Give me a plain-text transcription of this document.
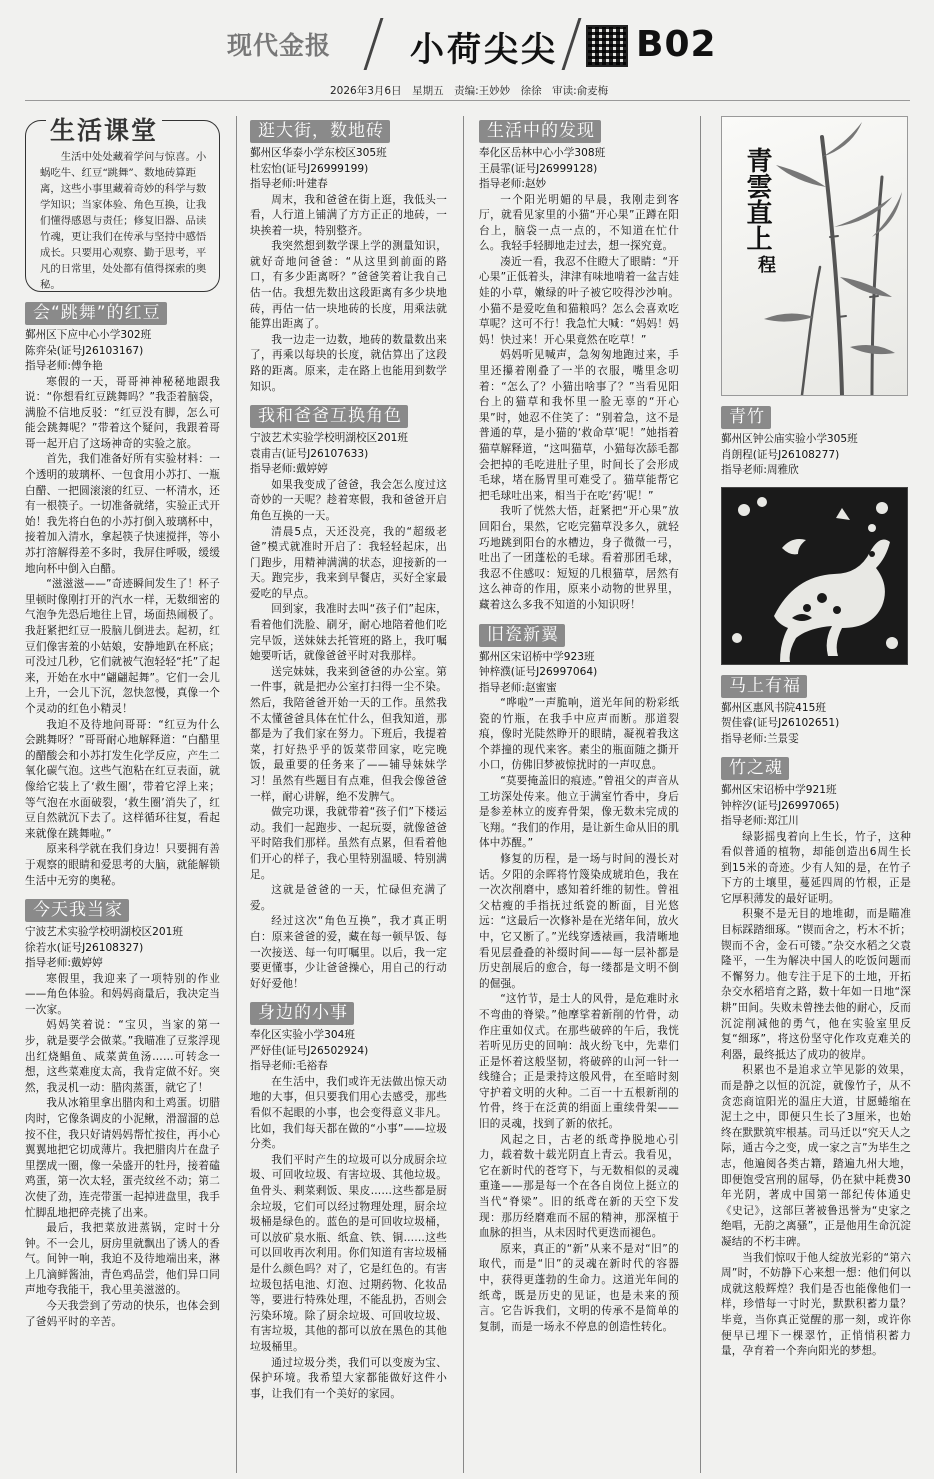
现代金报 小荷尖尖 B02
2026年3月6日　星期五　责编:王妙妙　徐徐　审读:俞麦梅
生活课堂

生活中处处藏着学问与惊喜。小蜗吃牛、红豆“跳舞”、数地砖算距离，这些小事里藏着奇妙的科学与数学知识；当家体验、角色互换，让我们懂得感恩与责任；修复旧器、品读竹魂，更让我们在传承与坚持中感悟成长。只要用心观察、勤于思考，平凡的日常里，处处都有值得探索的奥秘。

会“跳舞”的红豆
鄞州区下应中心小学302班
陈弈朵(证号J26103167)
指导老师:傅争艳

寒假的一天，哥哥神神秘秘地跟我说：“你想看红豆跳舞吗？”我歪着脑袋，满脸不信地反驳：“红豆没有脚，怎么可能会跳舞呢？”带着这个疑问，我跟着哥哥一起开启了这场神奇的实验之旅。

首先，我们准备好所有实验材料：一个透明的玻璃杯、一包食用小苏打、一瓶白醋、一把圆滚滚的红豆、一杯清水，还有一根筷子。一切准备就绪，实验正式开始！我先将白色的小苏打倒入玻璃杯中，接着加入清水，拿起筷子快速搅拌，等小苏打溶解得差不多时，我屏住呼吸，缓缓地向杯中倒入白醋。

“滋滋滋——”奇迹瞬间发生了！杯子里顿时像刚打开的汽水一样，无数细密的气泡争先恐后地往上冒，场面热闹极了。我赶紧把红豆一股脑儿倒进去。起初，红豆们像害羞的小姑娘，安静地趴在杯底；可没过几秒，它们就被气泡轻轻“托”了起来，开始在水中“翩翩起舞”。它们一会儿上升，一会儿下沉，忽快忽慢，真像一个个灵动的红色小精灵！

我迫不及待地问哥哥：“红豆为什么会跳舞呀？”哥哥耐心地解释道：“白醋里的醋酸会和小苏打发生化学反应，产生二氧化碳气泡。这些气泡粘在红豆表面，就像给它装上了‘救生圈’，带着它浮上来；等气泡在水面破裂，‘救生圈’消失了，红豆自然就沉下去了。这样循环往复，看起来就像在跳舞啦。”

原来科学就在我们身边！只要拥有善于观察的眼睛和爱思考的大脑，就能解锁生活中无穷的奥秘。

今天我当家
宁波艺术实验学校明湖校区201班
徐若水(证号J26108327)
指导老师:戴婷婷

寒假里，我迎来了一项特别的作业——角色体验。和妈妈商量后，我决定当一次家。

妈妈笑着说：“宝贝，当家的第一步，就是要学会做菜。”我瞄准了豆浆浮现出红烧鲳鱼、咸菜黄鱼汤……可转念一想，这些菜难度太高，我肯定做不好。突然，我灵机一动：腊肉蒸蛋，就它了！

我从冰箱里拿出腊肉和土鸡蛋。切腊肉时，它像条调皮的小泥鳅，滑溜溜的总按不住，我只好请妈妈帮忙按住，再小心翼翼地把它切成薄片。我把腊肉片在盘子里摆成一圈，像一朵盛开的牡丹，接着磕鸡蛋，第一次太轻，蛋壳纹丝不动；第二次使了劲，连壳带蛋一起掉进盘里，我手忙脚乱地把碎壳挑了出来。

最后，我把菜放进蒸锅，定时十分钟。不一会儿，厨房里就飘出了诱人的香气。间钟一响，我迫不及待地端出来，淋上几滴鲜酱油，青色鸡品尝，他们异口同声地夸我能干，我心里美滋滋的。

今天我尝到了劳动的快乐，也体会到了爸妈平时的辛苦。

逛大街，数地砖
鄞州区华泰小学东校区305班
杜宏怡(证号J26999199)
指导老师:叶建春

周末，我和爸爸在街上逛，我低头一看，人行道上铺满了方方正正的地砖，一块挨着一块，特别整齐。

我突然想到数学课上学的测量知识，就好奇地问爸爸：“从这里到前面的路口，有多少距离呀？”爸爸笑着让我自己估一估。我想先数出这段距离有多少块地砖，再估一估一块地砖的长度，用乘法就能算出距离了。

我一边走一边数，地砖的数量数出来了，再乘以每块的长度，就估算出了这段路的距离。原来，走在路上也能用到数学知识。

我和爸爸互换角色
宁波艺术实验学校明湖校区201班
袁甫吉(证号J26107633)
指导老师:戴婷婷

如果我变成了爸爸，我会怎么度过这奇妙的一天呢？趁着寒假，我和爸爸开启角色互换的一天。

清晨5点，天还没亮，我的“超级老爸”模式就准时开启了：我轻轻起床，出门跑步，用精神满满的状态，迎接新的一天。跑完步，我来到早餐店，买好全家最爱吃的早点。

回到家，我准时去叫“孩子们”起床，看着他们洗脸、刷牙，耐心地陪着他们吃完早饭，送妹妹去托管班的路上，我叮嘱她要听话，就像爸爸平时对我那样。

送完妹妹，我来到爸爸的办公室。第一件事，就是把办公室打扫得一尘不染。然后，我陪爸爸开始一天的工作。虽然我不太懂爸爸具体在忙什么，但我知道，那都是为了我们家在努力。下班后，我提着菜，打好热乎乎的饭菜带回家，吃完晚饭，最重要的任务来了——辅导妹妹学习！虽然有些题目有点难，但我会像爸爸一样，耐心讲解，绝不发脾气。

做完功课，我就带着“孩子们”下楼运动。我们一起跑步、一起玩耍，就像爸爸平时陪我们那样。虽然有点累，但看着他们开心的样子，我心里特别温暖、特别满足。

这就是爸爸的一天，忙碌但充满了爱。

经过这次“角色互换”，我才真正明白：原来爸爸的爱，藏在每一顿早饭、每一次接送、每一句叮嘱里。以后，我一定要更懂事，少让爸爸操心，用自己的行动好好爱他！

身边的小事
奉化区实验小学304班
严妤佳(证号J26502924)
指导老师:毛裕春

在生活中，我们或许无法做出惊天动地的大事，但只要我们用心去感受，那些看似不起眼的小事，也会变得意义非凡。比如，我们每天都在做的“小事”——垃圾分类。

我们平时产生的垃圾可以分成厨余垃圾、可回收垃圾、有害垃圾、其他垃圾。鱼骨头、剩菜剩饭、果皮……这些都是厨余垃圾，它们可以经过物理处理，厨余垃圾桶是绿色的。蓝色的是可回收垃圾桶，可以放矿泉水瓶、纸盒、铁、铜……这些可以回收再次利用。你们知道有害垃圾桶是什么颜色吗？对了，它是红色的。有害垃圾包括电池、灯泡、过期药物、化妆品等，要进行特殊处理，不能乱扔，否则会污染环境。除了厨余垃圾、可回收垃圾、有害垃圾，其他的都可以放在黑色的其他垃圾桶里。

通过垃圾分类，我们可以变废为宝、保护环境。我希望大家都能做好这件小事，让我们有一个美好的家园。

生活中的发现
奉化区岳林中心小学308班
王晨霏(证号J26999128)
指导老师:赵妙

一个阳光明媚的早晨，我刚走到客厅，就看见家里的小猫“开心果”正蹲在阳台上，脑袋一点一点的，不知道在忙什么。我轻手轻脚地走过去，想一探究竟。

凑近一看，我忍不住瞪大了眼睛：“开心果”正低着头，津津有味地啃着一盆吉娃娃的小草，嫩绿的叶子被它咬得沙沙响。小猫不是爱吃鱼和猫粮吗？怎么会喜欢吃草呢？这可不行！我急忙大喊：“妈妈！妈妈！快过来！开心果竟然在吃草！”

妈妈听见喊声，急匆匆地跑过来，手里还攥着刚叠了一半的衣服，嘴里念叨着：“怎么了？小猫出啥事了？”当看见阳台上的猫草和我怀里一脸无辜的“开心果”时，她忍不住笑了：“别着急，这不是普通的草，是小猫的‘救命草’呢！”她指着猫草解释道，“这叫猫草，小猫每次舔毛都会把掉的毛吃进肚子里，时间长了会形成毛球，堵在肠胃里可难受了。猫草能帮它把毛球吐出来，相当于在吃‘药’呢！”

我听了恍然大悟，赶紧把“开心果”放回阳台，果然，它吃完猫草没多久，就轻巧地跳到阳台的水槽边，身子微微一弓，吐出了一团蓬松的毛球。看着那团毛球，我忍不住感叹：短短的几根猫草，居然有这么神奇的作用，原来小动物的世界里，藏着这么多我不知道的小知识呀！

旧瓷新翼
鄞州区宋诏桥中学923班
钟梓濮(证号J26997064)
指导老师:赵蜜蜜

“哗啦”一声脆响，道光年间的粉彩纸瓷的竹瓶，在我手中应声而断。那道裂痕，像时光陡然睁开的眼睛，凝视着我这个莽撞的现代来客。素尘的瓶面随之撕开小口，仿佛旧梦被惊扰时的一声叹息。

“莫要掩盖旧的痕迹。”曾祖父的声音从工坊深处传来。他立于满室竹香中，身后是参差林立的废弃骨架，像无数未完成的飞翔。“我们的作用，是让新生命从旧的肌体中苏醒。”

修复的历程，是一场与时间的漫长对话。夕阳的余晖将竹篾染成琥珀色，我在一次次削磨中，感知着纤维的韧性。曾祖父枯瘦的手指抚过纸瓷的断面，目光悠远：“这最后一次修补是在光绪年间，放火中，它又断了。”光线穿透裱画，我清晰地看见层叠叠的补缀时间——每一层补都是历史剖展后的愈合，每一缕都是文明不倒的倔强。

“这竹节，是士人的风骨，是危难时永不弯曲的脊梁。”他摩挲着新削的竹骨，动作庄重如仪式。在那些破碎的午后，我恍若听见历史的回响：战火纷飞中，先辈们正是怀着这般坚韧，将破碎的山河一针一线缝合；正是秉持这般风骨，在至暗时刻守护着文明的火种。二百一十五根新削的竹骨，终于在泛黄的绢面上重续骨架——旧的灵魂，找到了新的依托。

风起之日，古老的纸鸢挣脱地心引力，载着数十载光阴直上青云。我看见，它在新时代的苍穹下，与无数相似的灵魂重逢——那是每一个在各自岗位上挺立的当代“脊梁”。旧的纸鸢在新的天空下发现：那历经磨难而不屈的精神，那深植于血脉的担当，从未因时代更迭而褪色。

原来，真正的“新”从来不是对“旧”的取代，而是“旧”的灵魂在新时代的容器中，获得更蓬勃的生命力。这道光年间的纸鸢，既是历史的见证，也是未来的预言。它告诉我们，文明的传承不是简单的复制，而是一场永不停息的创造性转化。

青雲直上
程
青竹
鄞州区钟公庙实验小学305班
肖朗程(证号J26108277)
指导老师:周雅欣
马上有福
鄞州区惠风书院415班
贺佳睿(证号J26102651)
指导老师:兰景雯
竹之魂
鄞州区宋诏桥中学921班
钟梓汐(证号J26997065)
指导老师:郑江川

绿影摇曳着向上生长，竹子，这种看似普通的植物，却能创造出6周生长到15米的奇迹。少有人知的是，在竹子下方的土壤里，蔓延四周的竹根，正是它厚积薄发的最好证明。

积聚不是无目的地堆砌，而是瞄准目标踩踏细琢。“锲而舍之，朽木不折；锲而不舍，金石可镂。”杂交水稻之父袁隆平，一生为解决中国人的吃饭问题而不懈努力。他专注于足下的土地，开拓杂交水稻培育之路，数十年如一日地“深耕”田间。失败未曾挫去他的耐心，反而沉淀削减他的勇气，他在实验室里反复“细琢”，将这份坚守化作攻克难关的利器，最终抵达了成功的彼岸。

积累也不是追求立竿见影的效果，而是静之以恒的沉淀，就像竹子，从不贪恋商谊阳光的温庄大道，甘愿蜷缩在泥土之中，即便只生长了3厘米，也始终在默默筑牢根基。司马迁以“究天人之际，通古今之变，成一家之言”为毕生之志，他遍阅各类古籍，踏遍九州大地，即便饱受宫刑的屈辱，仍在狱中耗费30年光阴，著成中国第一部纪传体通史《史记》，这部巨著被鲁迅誉为“史家之绝唱，无韵之离骚”，正是他用生命沉淀凝结的不朽丰碑。

当我们惊叹于他人绽放光彩的“第六周”时，不妨静下心来想一想：他们何以成就这般辉煌？我们是否也能像他们一样，珍惜每一寸时光，默默积蓄力量？毕竟，当你真正觉醒的那一刻，或许你便早已埋下一棵翠竹，正悄悄积蓄力量，孕育着一个奔向阳光的梦想。
